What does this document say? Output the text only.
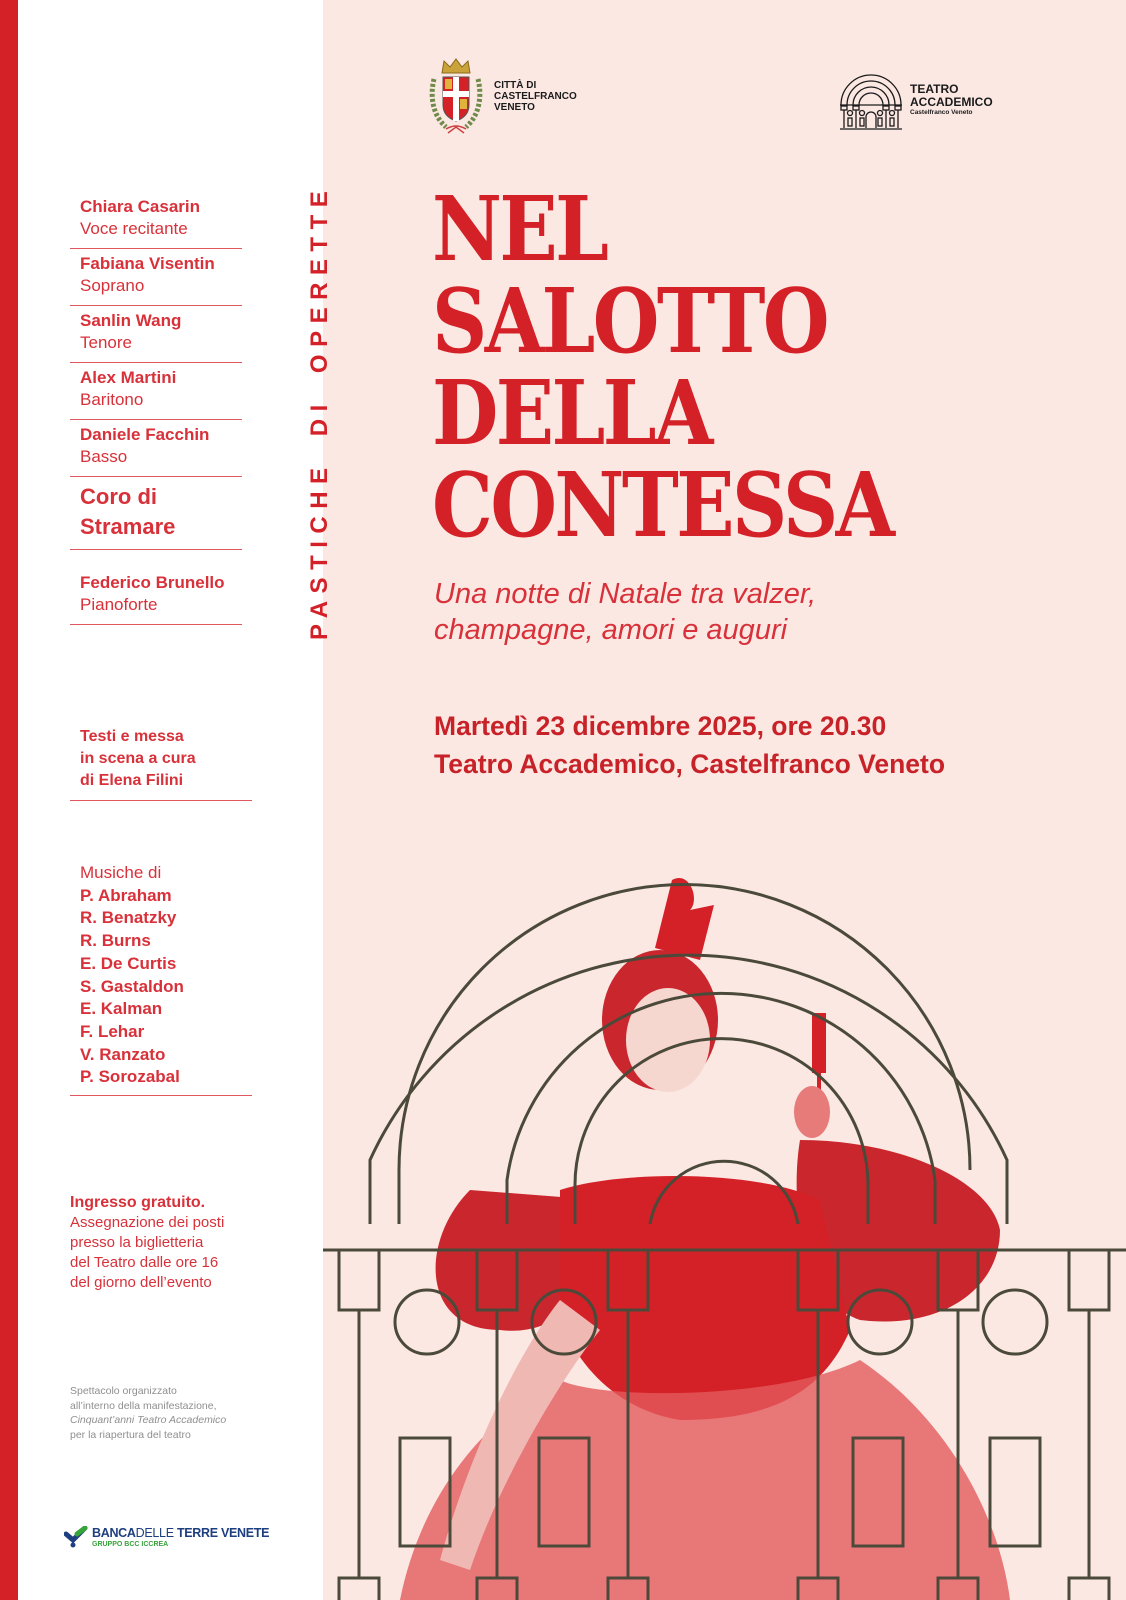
CITTÀ DI
CASTELFRANCO
VENETO
TEATRO
ACCADEMICO
Castelfranco Veneto
PASTICHE DI OPERETTE
Chiara Casarin
Voce recitante
Fabiana Visentin
Soprano
Sanlin Wang
Tenore
Alex Martini
Baritono
Daniele Facchin
Basso
Coro di
Stramare
Federico Brunello
Pianoforte
Testi e messa
in scena a cura
di Elena Filini
Musiche di
P. Abraham
R. Benatzky
R. Burns
E. De Curtis
S. Gastaldon
E. Kalman
F. Lehar
V. Ranzato
P. Sorozabal
Ingresso gratuito.
Assegnazione dei posti
presso la biglietteria
del Teatro dalle ore 16
del giorno dell’evento
Spettacolo organizzato
all’interno della manifestazione,
Cinquant’anni Teatro Accademico
per la riapertura del teatro
BANCADELLE TERRE VENETE
GRUPPO BCC ICCREA
NEL
SALOTTO
DELLA
CONTESSA
Una notte di Natale tra valzer,
champagne, amori e auguri
Martedì 23 dicembre 2025, ore 20.30
Teatro Accademico, Castelfranco Veneto
